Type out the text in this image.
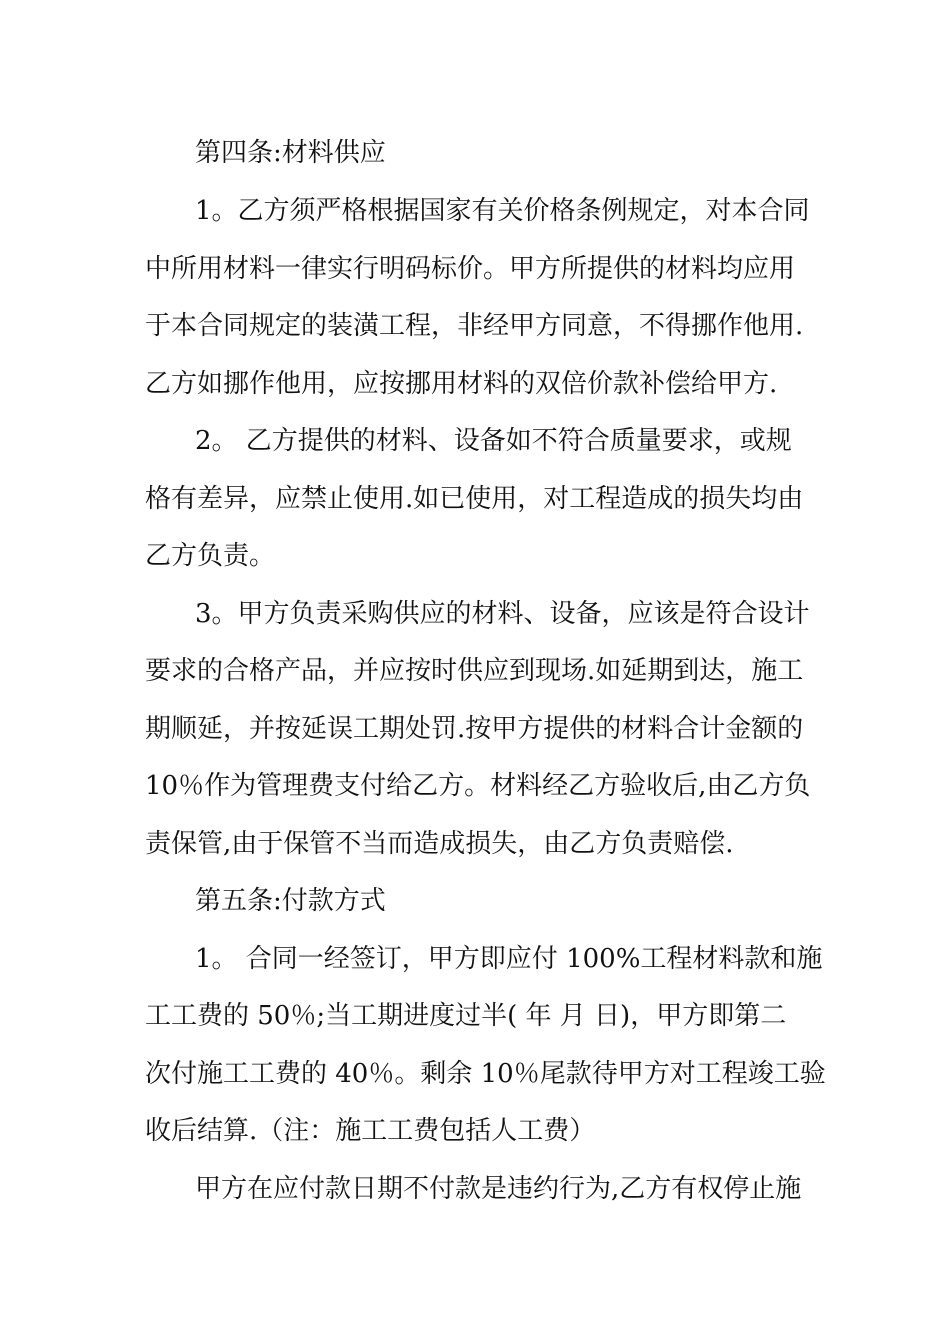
第四条:材料供应
1。乙方须严格根据国家有关价格条例规定，对本合同
中所用材料一律实行明码标价。甲方所提供的材料均应用
于本合同规定的装潢工程，非经甲方同意，不得挪作他用.
乙方如挪作他用，应按挪用材料的双倍价款补偿给甲方.
2。 乙方提供的材料、设备如不符合质量要求，或规
格有差异，应禁止使用.如已使用，对工程造成的损失均由
乙方负责。
3。甲方负责采购供应的材料、设备，应该是符合设计
要求的合格产品，并应按时供应到现场.如延期到达，施工
期顺延，并按延误工期处罚.按甲方提供的材料合计金额的
10％作为管理费支付给乙方。材料经乙方验收后,由乙方负
责保管,由于保管不当而造成损失，由乙方负责赔偿.
第五条:付款方式
1。 合同一经签订，甲方即应付 100%工程材料款和施
工工费的 50％;当工期进度过半( 年 月 日)，甲方即第二
次付施工工费的 40％。剩余 10％尾款待甲方对工程竣工验
收后结算.（注：施工工费包括人工费）
甲方在应付款日期不付款是违约行为,乙方有权停止施
